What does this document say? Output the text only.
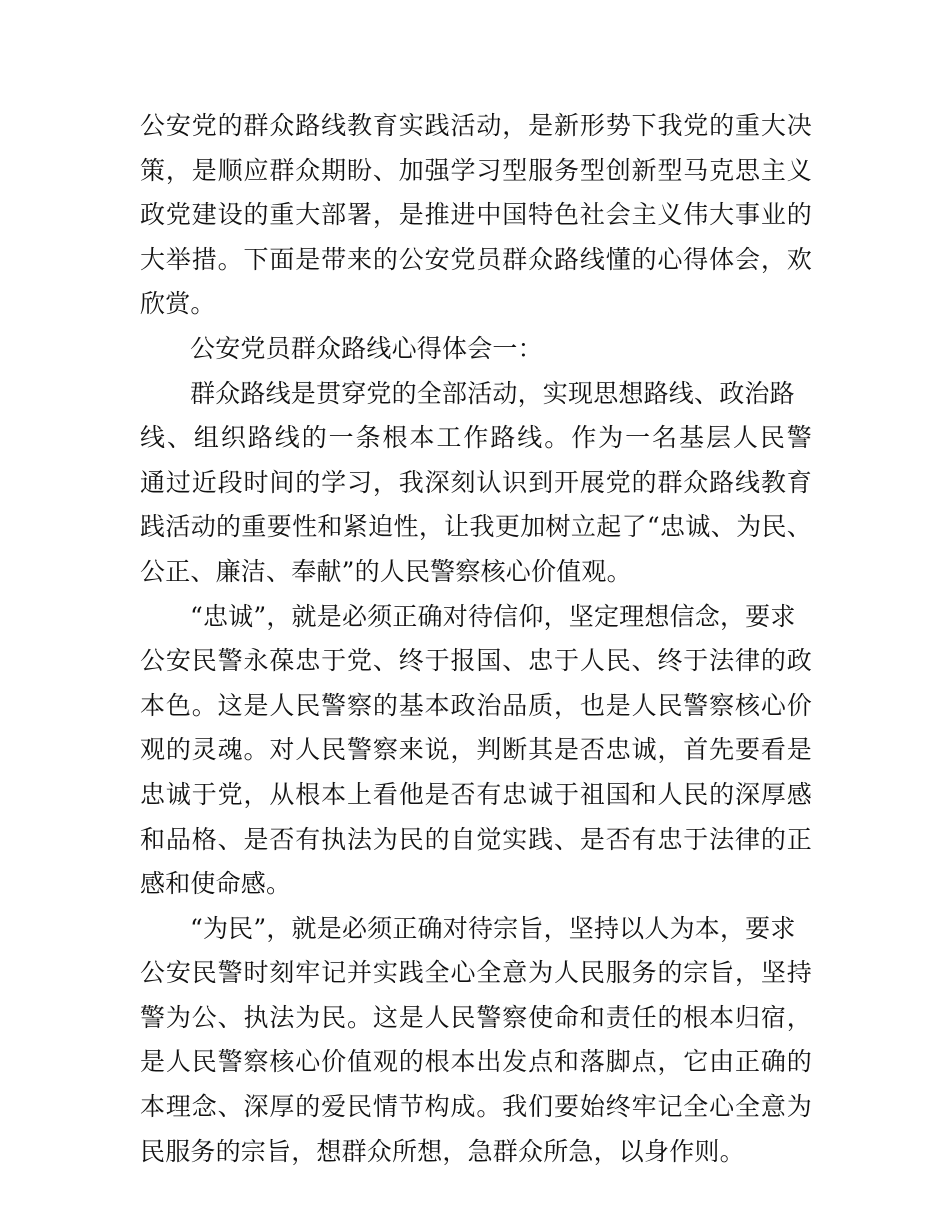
公安党的群众路线教育实践活动，是新形势下我党的重大决
策，是顺应群众期盼、加强学习型服务型创新型马克思主义
政党建设的重大部署，是推进中国特色社会主义伟大事业的
大举措。下面是带来的公安党员群众路线懂的心得体会，欢
欣赏。
公安党员群众路线心得体会一：
群众路线是贯穿党的全部活动，实现思想路线、政治路
线、组织路线的一条根本工作路线。作为一名基层人民警
通过近段时间的学习，我深刻认识到开展党的群众路线教育
践活动的重要性和紧迫性，让我更加树立起了“忠诚、为民、
公正、廉洁、奉献”的人民警察核心价值观。
“忠诚”，就是必须正确对待信仰，坚定理想信念，要求
公安民警永葆忠于党、终于报国、忠于人民、终于法律的政
本色。这是人民警察的基本政治品质，也是人民警察核心价
观的灵魂。对人民警察来说，判断其是否忠诚，首先要看是
忠诚于党，从根本上看他是否有忠诚于祖国和人民的深厚感
和品格、是否有执法为民的自觉实践、是否有忠于法律的正
感和使命感。
“为民”，就是必须正确对待宗旨，坚持以人为本，要求
公安民警时刻牢记并实践全心全意为人民服务的宗旨，坚持
警为公、执法为民。这是人民警察使命和责任的根本归宿，
是人民警察核心价值观的根本出发点和落脚点，它由正确的
本理念、深厚的爱民情节构成。我们要始终牢记全心全意为
民服务的宗旨，想群众所想，急群众所急，以身作则。
